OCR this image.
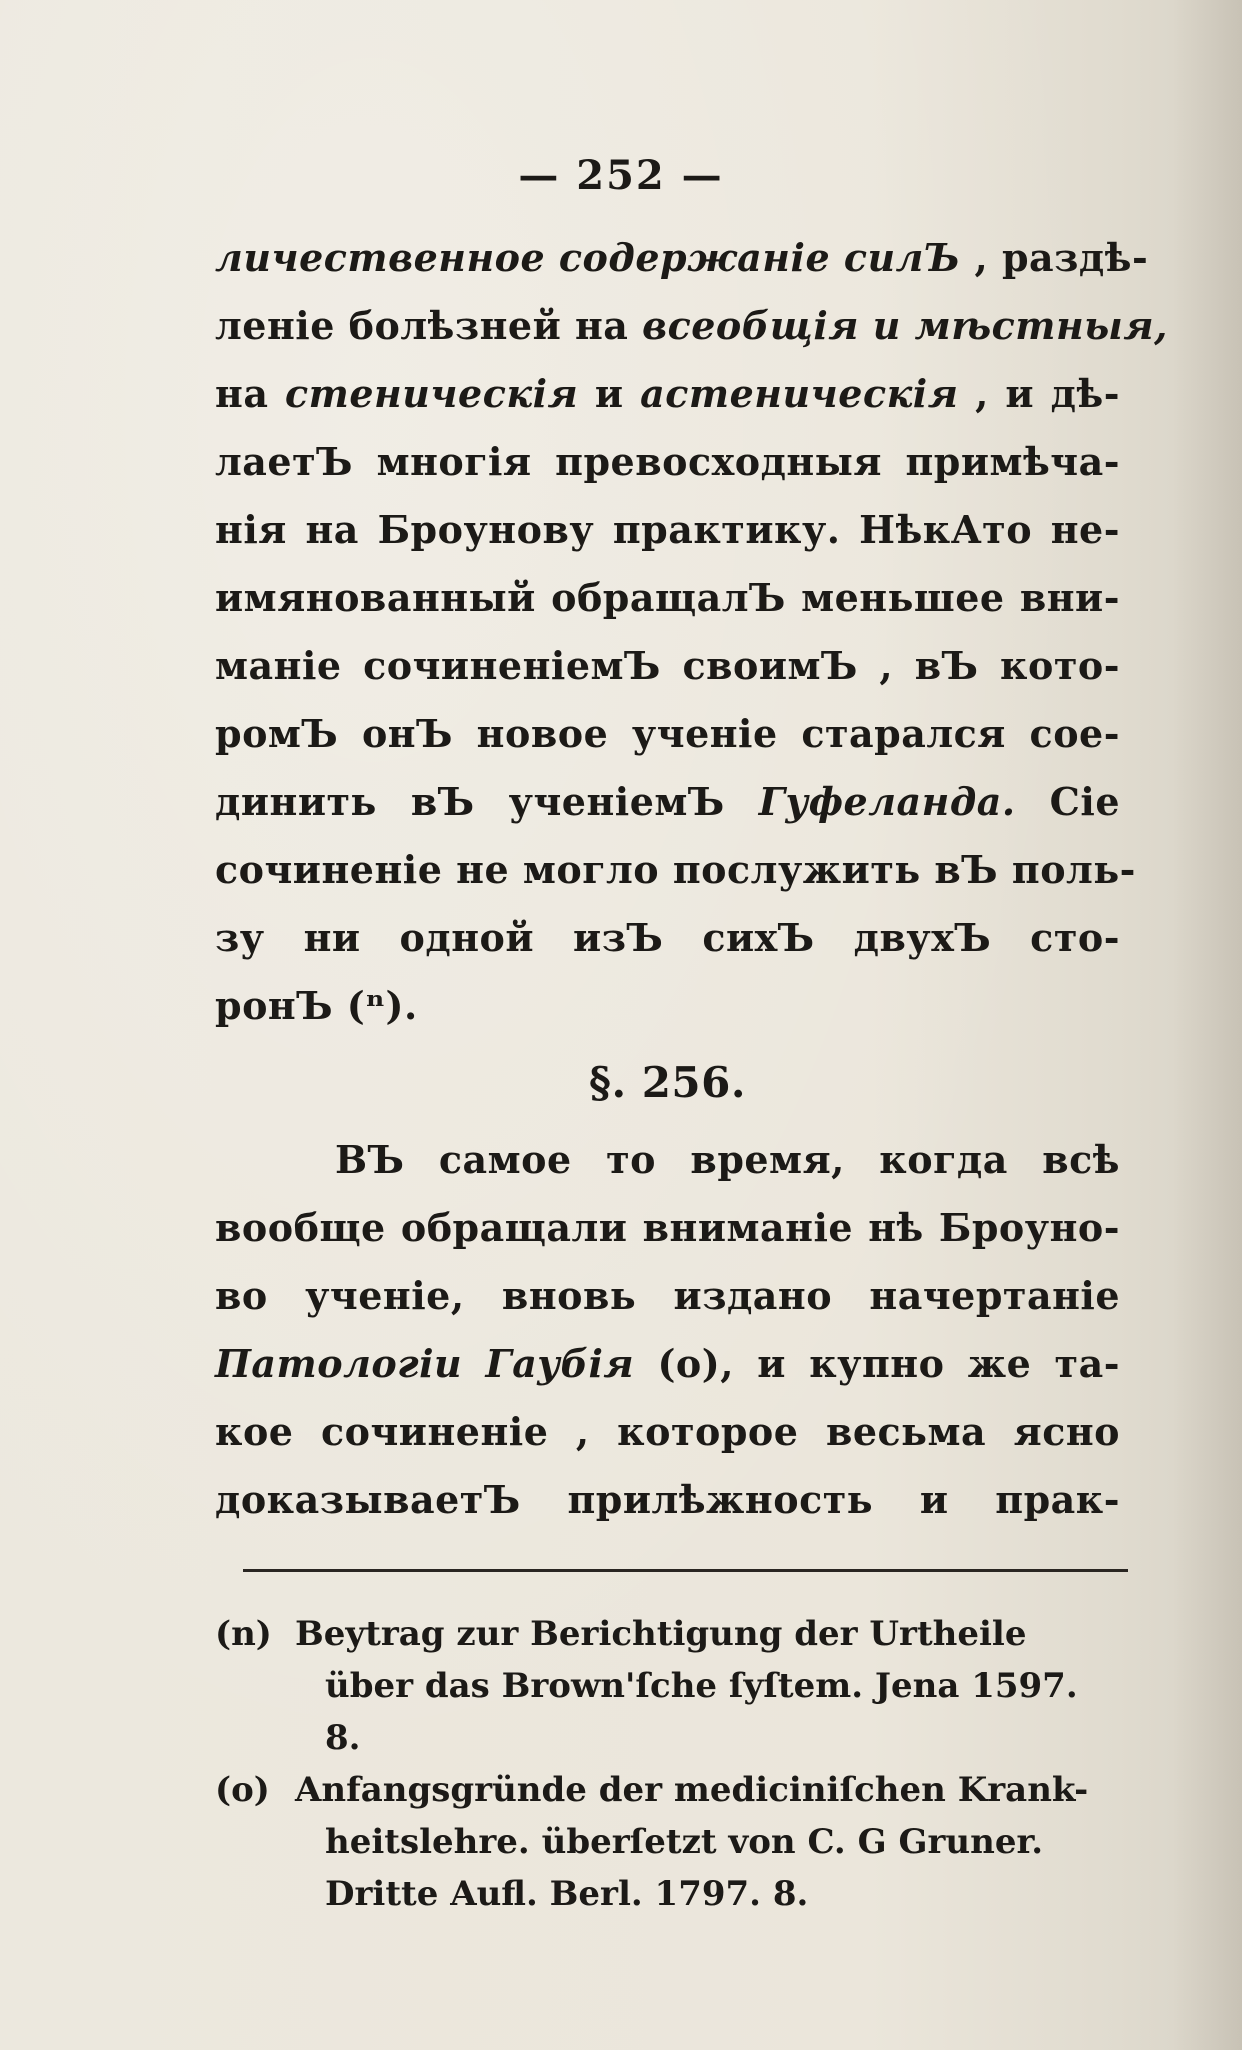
— 252 —
личественное содержанiе силЪ , раздѣ-
ленiе болѣзней на всеобщiя и мѣстныя,
на стеническiя и астеническiя , и дѣ-
лаетЪ многiя превосходныя примѣча-
нiя на Броунову практику. НѣкАто не-
имянованный обращалЪ меньшее вни-
манiе сочиненiемЪ своимЪ , вЪ кото-
ромЪ онЪ новое ученiе старался сое-
динить вЪ ученiемЪ Гуфеланда. Сiе
сочиненiе не могло послужить вЪ поль-
зу ни одной изЪ сихЪ двухЪ сто-
ронЪ (ⁿ).
§. 256.
ВЪ самое то время, когда всѣ
вообще обращали вниманiе нѣ Броуно-
во ученiе, вновь издано начертанiе
Патологiи Гаубiя (о), и купно же та-
кое сочиненiе , которое весьма ясно
доказываетЪ прилѣжность и прак-
(n) Beytrag zur Berichtigung der Urtheile
über das Brown'ſche ſyſtem. Jena 1597.
8.
(o) Anfangsgründe der mediciniſchen Krank-
heitslehre. überſetzt von C. G Gruner.
Dritte Aufl. Berl. 1797. 8.
